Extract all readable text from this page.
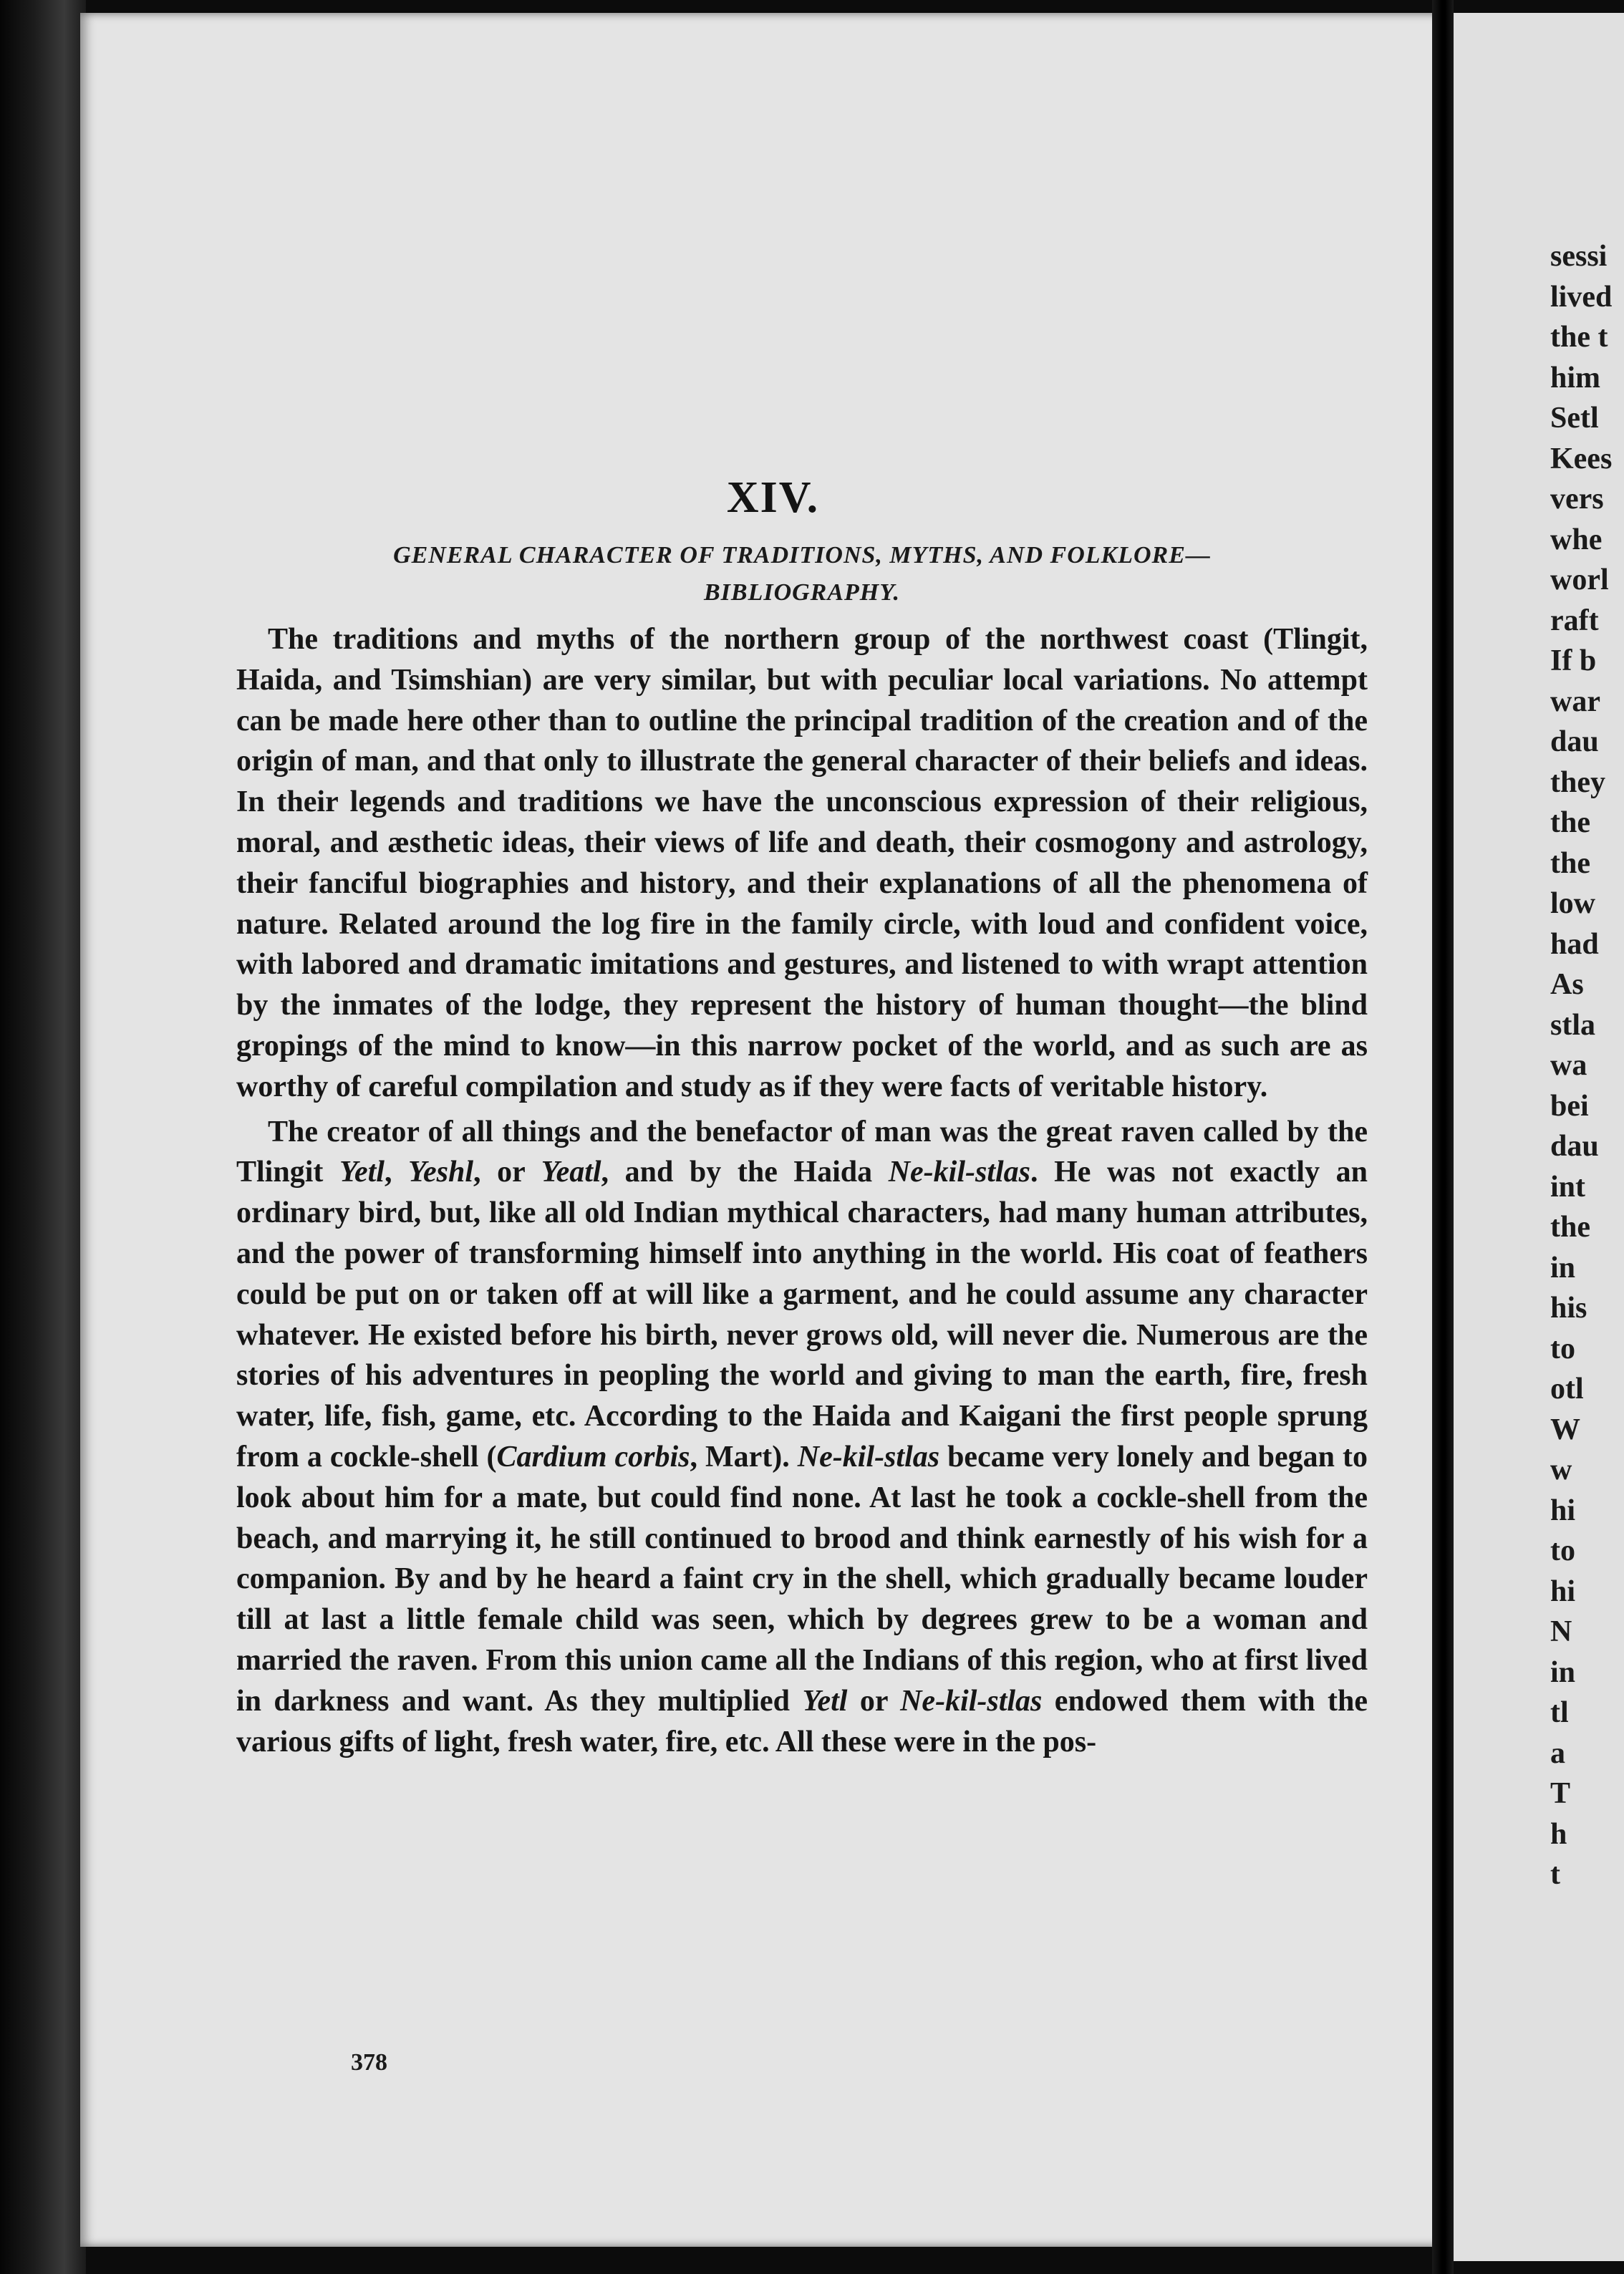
sessi
lived
the t
him
Setl
Kees
vers
whe
worl
raft
If b
war
dau
they
the
the
low
had
As
stla
wa
bei
dau
int
the
in
his
to
otl
W
w
hi
to
hi
N
in
tl
a
T
h
t
XIV.
GENERAL CHARACTER OF TRADITIONS, MYTHS, AND FOLKLORE—
BIBLIOGRAPHY.

The traditions and myths of the northern group of the northwest coast (Tlingit, Haida, and Tsimshian) are very similar, but with peculiar local variations. No attempt can be made here other than to outline the principal tradition of the creation and of the origin of man, and that only to illustrate the general character of their beliefs and ideas. In their legends and traditions we have the unconscious expression of their religious, moral, and æsthetic ideas, their views of life and death, their cosmogony and astrology, their fanciful biographies and history, and their explanations of all the phenomena of nature. Related around the log fire in the family circle, with loud and confident voice, with labored and dramatic imitations and gestures, and listened to with wrapt attention by the inmates of the lodge, they represent the history of human thought—the blind gropings of the mind to know—in this narrow pocket of the world, and as such are as worthy of careful compilation and study as if they were facts of veritable history.

The creator of all things and the benefactor of man was the great raven called by the Tlingit Yetl, Yeshl, or Yeatl, and by the Haida Ne-kil-stlas. He was not exactly an ordinary bird, but, like all old Indian mythical characters, had many human attributes, and the power of transforming himself into anything in the world. His coat of feathers could be put on or taken off at will like a garment, and he could assume any character whatever. He existed before his birth, never grows old, will never die. Numerous are the stories of his adventures in peopling the world and giving to man the earth, fire, fresh water, life, fish, game, etc. According to the Haida and Kaigani the first people sprung from a cockle-shell (Cardium corbis, Mart). Ne-kil-stlas became very lonely and began to look about him for a mate, but could find none. At last he took a cockle-shell from the beach, and marrying it, he still continued to brood and think earnestly of his wish for a companion. By and by he heard a faint cry in the shell, which gradually became louder till at last a little female child was seen, which by degrees grew to be a woman and married the raven. From this union came all the Indians of this region, who at first lived in darkness and want. As they multiplied Yetl or Ne-kil-stlas endowed them with the various gifts of light, fresh water, fire, etc. All these were in the pos-

378
